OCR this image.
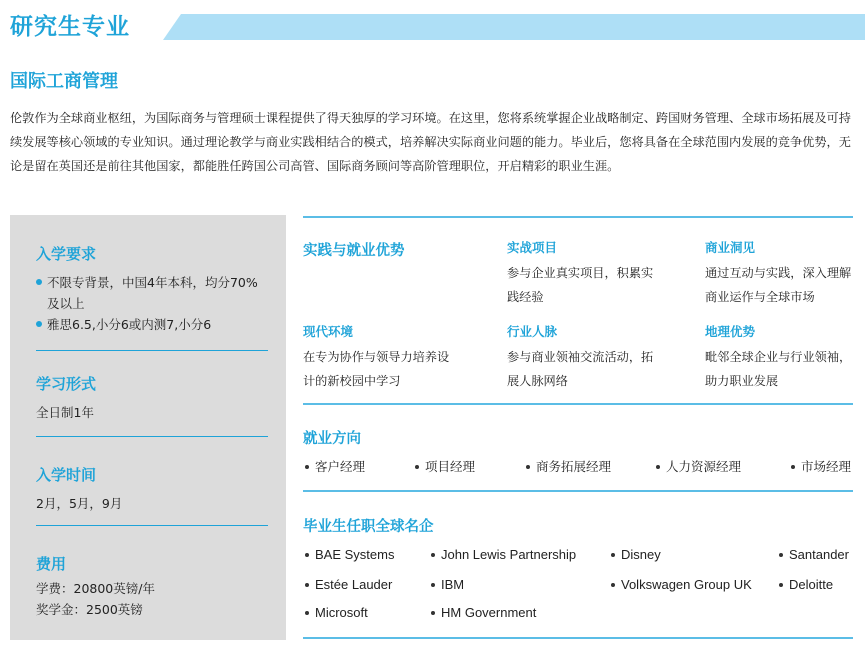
研究生专业
国际工商管理
伦敦作为全球商业枢纽，为国际商务与管理硕士课程提供了得天独厚的学习环境。在这里，您将系统掌握企业战略制定、跨国财务管理、全球市场拓展及可持续发展等核心领域的专业知识。通过理论教学与商业实践相结合的模式，培养解决实际商业问题的能力。毕业后，您将具备在全球范围内发展的竞争优势，无论是留在英国还是前往其他国家，都能胜任跨国公司高管、国际商务顾问等高阶管理职位，开启精彩的职业生涯。
入学要求
不限专背景，中国4年本科，均分70%及以上
雅思6.5,小分6或内测7,小分6
学习形式
全日制1年
入学时间
2月，5月，9月
费用
学费：20800英镑/年
奖学金：2500英镑
实践与就业优势	实战项目
参与企业真实项目，积累实践经验
商业洞见
通过互动与实践，深入理解商业运作与全球市场
现代环境
在专为协作与领导力培养设计的新校园中学习
行业人脉
参与商业领袖交流活动，拓展人脉网络
地理优势
毗邻全球企业与行业领袖，助力职业发展
就业方向
客户经理	项目经理	商务拓展经理	人力资源经理	市场经理
毕业生任职全球名企
BAE Systems	John Lewis Partnership	Disney	Santander
Estée Lauder	IBM	Volkswagen Group UK	Deloitte
Microsoft	HM Government
